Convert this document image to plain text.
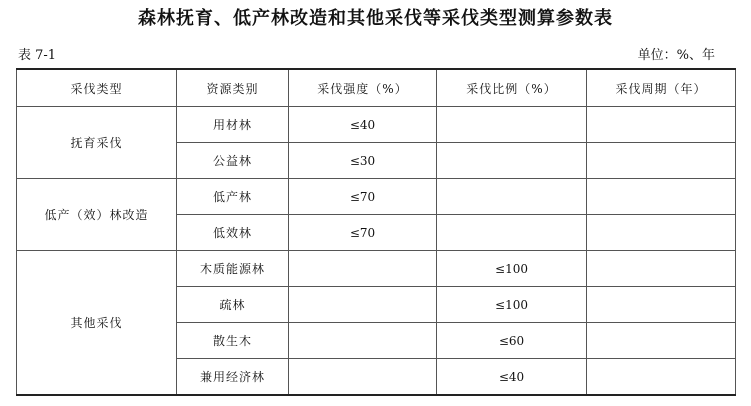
森林抚育、低产林改造和其他采伐等采伐类型测算参数表
表 7-1	单位：%、年
采伐类型	资源类别	采伐强度（%）	采伐比例（%）	采伐周期（年）
抚育采伐	用材林	≤40		
	公益林	≤30		
低产（效）林改造	低产林	≤70		
	低效林	≤70		
其他采伐	木质能源林		≤100	
	疏林		≤100	
	散生木		≤60	
	兼用经济林		≤40	
